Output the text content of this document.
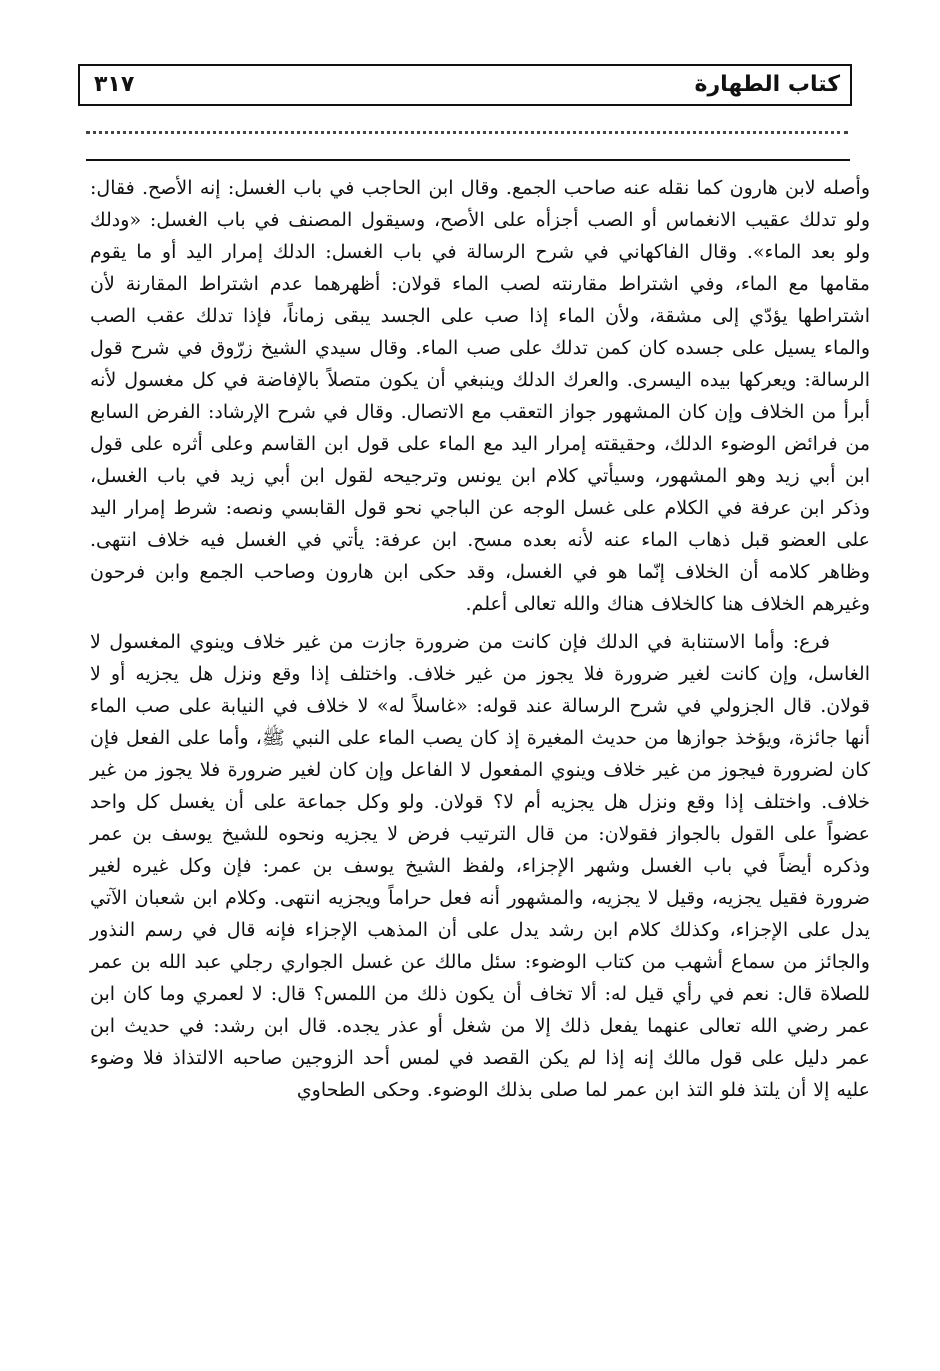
كتاب الطهارة
٣١٧

وأصله لابن هارون كما نقله عنه صاحب الجمع. وقال ابن الحاجب في باب الغسل: إنه الأصح. فقال: ولو تدلك عقيب الانغماس أو الصب أجزأه على الأصح، وسيقول المصنف في باب الغسل: «ودلك ولو بعد الماء». وقال الفاكهاني في شرح الرسالة في باب الغسل: الدلك إمرار اليد أو ما يقوم مقامها مع الماء، وفي اشتراط مقارنته لصب الماء قولان: أظهرهما عدم اشتراط المقارنة لأن اشتراطها يؤدّي إلى مشقة، ولأن الماء إذا صب على الجسد يبقى زماناً، فإذا تدلك عقب الصب والماء يسيل على جسده كان كمن تدلك على صب الماء. وقال سيدي الشيخ زرّوق في شرح قول الرسالة: ويعركها بيده اليسرى. والعرك الدلك وينبغي أن يكون متصلاً بالإفاضة في كل مغسول لأنه أبرأ من الخلاف وإن كان المشهور جواز التعقب مع الاتصال. وقال في شرح الإرشاد: الفرض السابع من فرائض الوضوء الدلك، وحقيقته إمرار اليد مع الماء على قول ابن القاسم وعلى أثره على قول ابن أبي زيد وهو المشهور، وسيأتي كلام ابن يونس وترجيحه لقول ابن أبي زيد في باب الغسل، وذكر ابن عرفة في الكلام على غسل الوجه عن الباجي نحو قول القابسي ونصه: شرط إمرار اليد على العضو قبل ذهاب الماء عنه لأنه بعده مسح. ابن عرفة: يأتي في الغسل فيه خلاف انتهى. وظاهر كلامه أن الخلاف إنّما هو في الغسل، وقد حكى ابن هارون وصاحب الجمع وابن فرحون وغيرهم الخلاف هنا كالخلاف هناك والله تعالى أعلم.

فرع: وأما الاستنابة في الدلك فإن كانت من ضرورة جازت من غير خلاف وينوي المغسول لا الغاسل، وإن كانت لغير ضرورة فلا يجوز من غير خلاف. واختلف إذا وقع ونزل هل يجزيه أو لا قولان. قال الجزولي في شرح الرسالة عند قوله: «غاسلاً له» لا خلاف في النيابة على صب الماء أنها جائزة، ويؤخذ جوازها من حديث المغيرة إذ كان يصب الماء على النبي ﷺ، وأما على الفعل فإن كان لضرورة فيجوز من غير خلاف وينوي المفعول لا الفاعل وإن كان لغير ضرورة فلا يجوز من غير خلاف. واختلف إذا وقع ونزل هل يجزيه أم لا؟ قولان. ولو وكل جماعة على أن يغسل كل واحد عضواً على القول بالجواز فقولان: من قال الترتيب فرض لا يجزيه ونحوه للشيخ يوسف بن عمر وذكره أيضاً في باب الغسل وشهر الإجزاء، ولفظ الشيخ يوسف بن عمر: فإن وكل غيره لغير ضرورة فقيل يجزيه، وقيل لا يجزيه، والمشهور أنه فعل حراماً ويجزيه انتهى. وكلام ابن شعبان الآتي يدل على الإجزاء، وكذلك كلام ابن رشد يدل على أن المذهب الإجزاء فإنه قال في رسم النذور والجائز من سماع أشهب من كتاب الوضوء: سئل مالك عن غسل الجواري رجلي عبد الله بن عمر للصلاة قال: نعم في رأي قيل له: ألا تخاف أن يكون ذلك من اللمس؟ قال: لا لعمري وما كان ابن عمر رضي الله تعالى عنهما يفعل ذلك إلا من شغل أو عذر يجده. قال ابن رشد: في حديث ابن عمر دليل على قول مالك إنه إذا لم يكن القصد في لمس أحد الزوجين صاحبه الالتذاذ فلا وضوء عليه إلا أن يلتذ فلو التذ ابن عمر لما صلى بذلك الوضوء. وحكى الطحاوي
